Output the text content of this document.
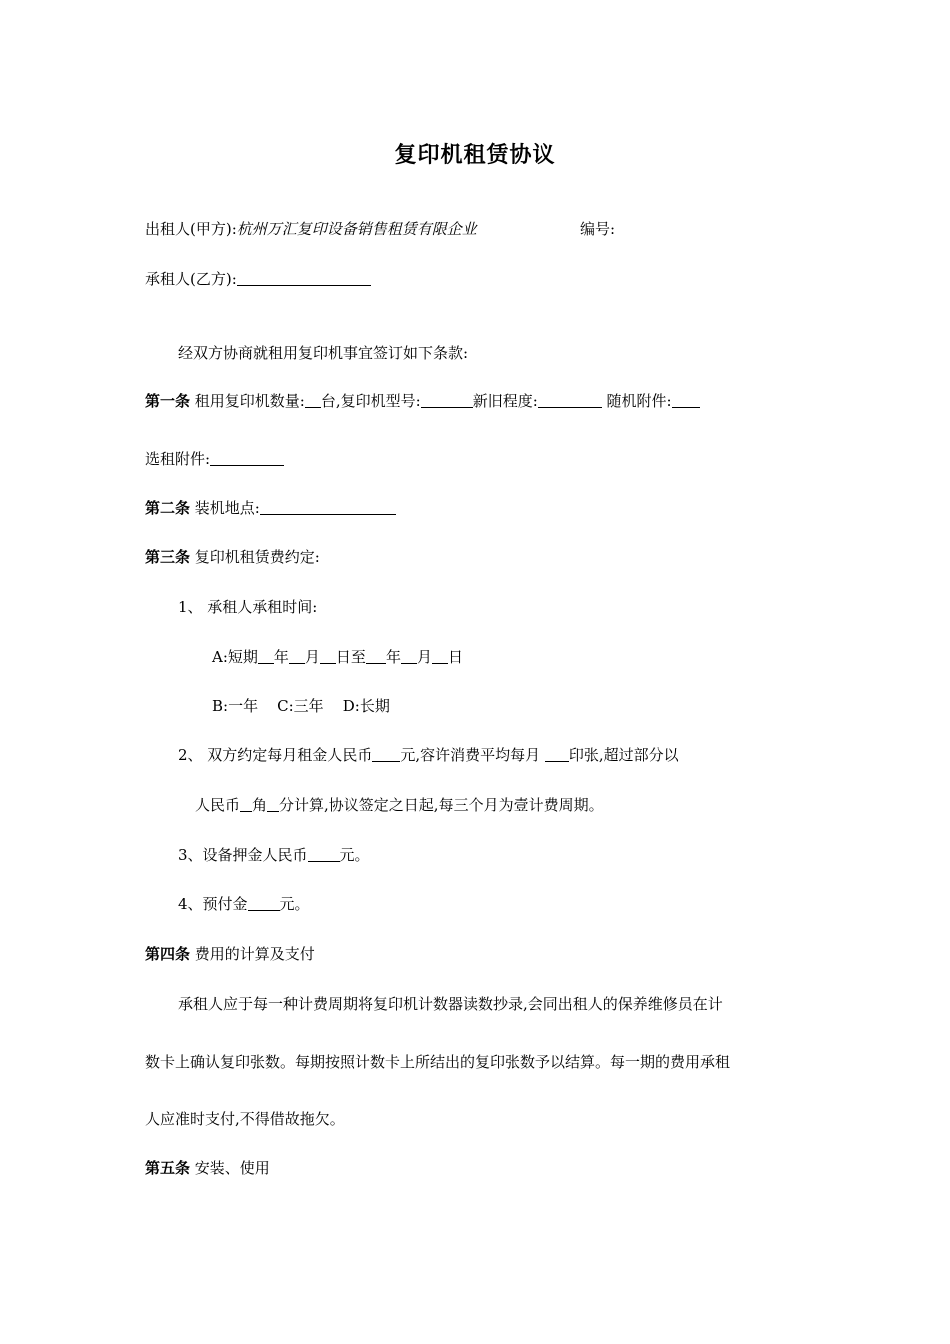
复印机租赁协议
出租人(甲方):杭州万汇复印设备销售租赁有限企业	编号:
承租人(乙方):
经双方协商就租用复印机事宜签订如下条款:
第一条 租用复印机数量: 台,复印机型号:	新旧程度:	随机附件:
选租附件:
第二条 装机地点:
第三条 复印机租赁费约定:
1、 承租人承租时间:
A:短期 年 月 日至 年 月 日
B:一年    C:三年    D:长期
2、 双方约定每月租金人民币 元,容许消费平均每月 印张,超过部分以
人民币 角 分计算,协议签定之日起,每三个月为壹计费周期。
3、设备押金人民币 元。
4、预付金 元。
第四条 费用的计算及支付
承租人应于每一种计费周期将复印机计数器读数抄录,会同出租人的保养维修员在计
数卡上确认复印张数。每期按照计数卡上所结出的复印张数予以结算。每一期的费用承租
人应准时支付,不得借故拖欠。
第五条 安装、使用
